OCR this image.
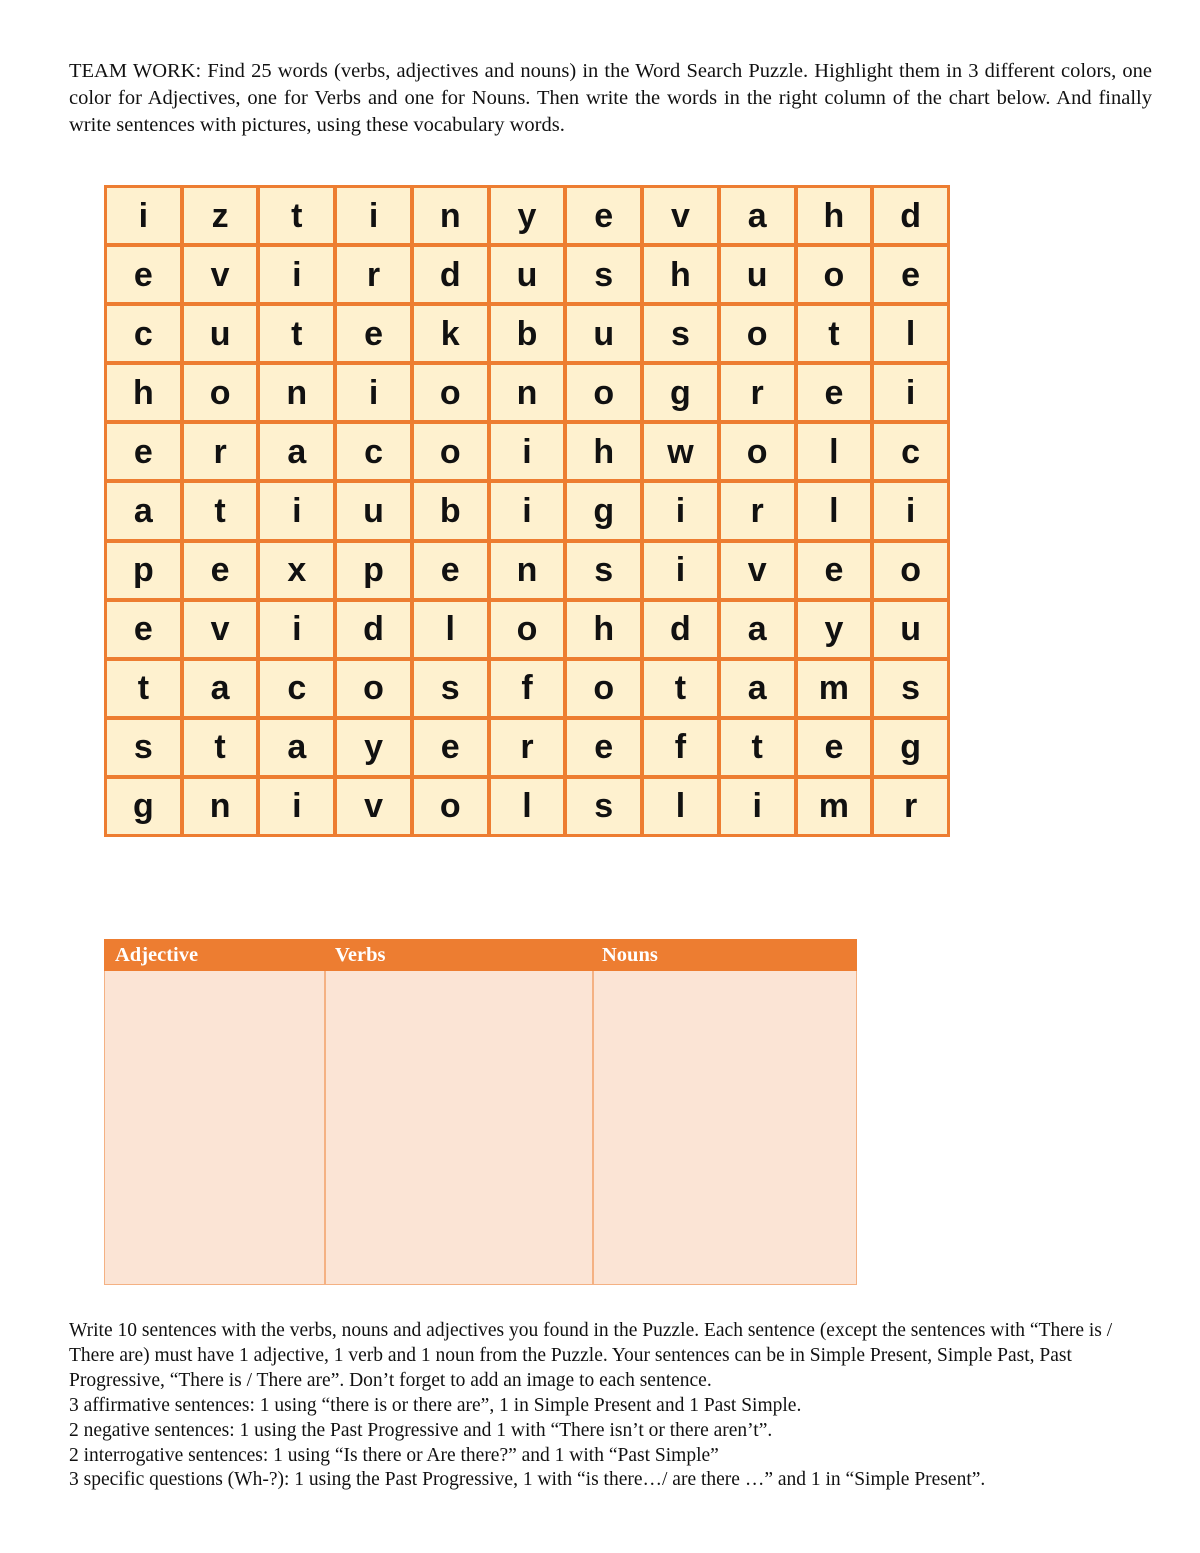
TEAM WORK: Find 25 words (verbs, adjectives and nouns) in the Word Search Puzzle. Highlight them in 3 different colors, one color for Adjectives, one for Verbs and one for Nouns. Then write the words in the right column of the chart below. And finally write sentences with pictures, using these vocabulary words.
i	z	t	i	n	y	e	v	a	h	d
e	v	i	r	d	u	s	h	u	o	e
c	u	t	e	k	b	u	s	o	t	l
h	o	n	i	o	n	o	g	r	e	i
e	r	a	c	o	i	h	w	o	l	c
a	t	i	u	b	i	g	i	r	l	i
p	e	x	p	e	n	s	i	v	e	o
e	v	i	d	l	o	h	d	a	y	u
t	a	c	o	s	f	o	t	a	m	s
s	t	a	y	e	r	e	f	t	e	g
g	n	i	v	o	l	s	l	i	m	r
Adjective	Verbs	Nouns

Write 10 sentences with the verbs, nouns and adjectives you found in the Puzzle. Each sentence (except the sentences with “There is / There are) must have 1 adjective, 1 verb and 1 noun from the Puzzle. Your sentences can be in Simple Present, Simple Past, Past Progressive, “There is / There are”. Don’t forget to add an image to each sentence.

3 affirmative sentences: 1 using “there is or there are”, 1 in Simple Present and 1 Past Simple.

2 negative sentences: 1 using the Past Progressive and 1 with “There isn’t or there aren’t”.

2 interrogative sentences: 1 using “Is there or Are there?” and 1 with “Past Simple”

3 specific questions (Wh-?): 1 using the Past Progressive, 1 with “is there…/ are there …” and 1 in “Simple Present”.
